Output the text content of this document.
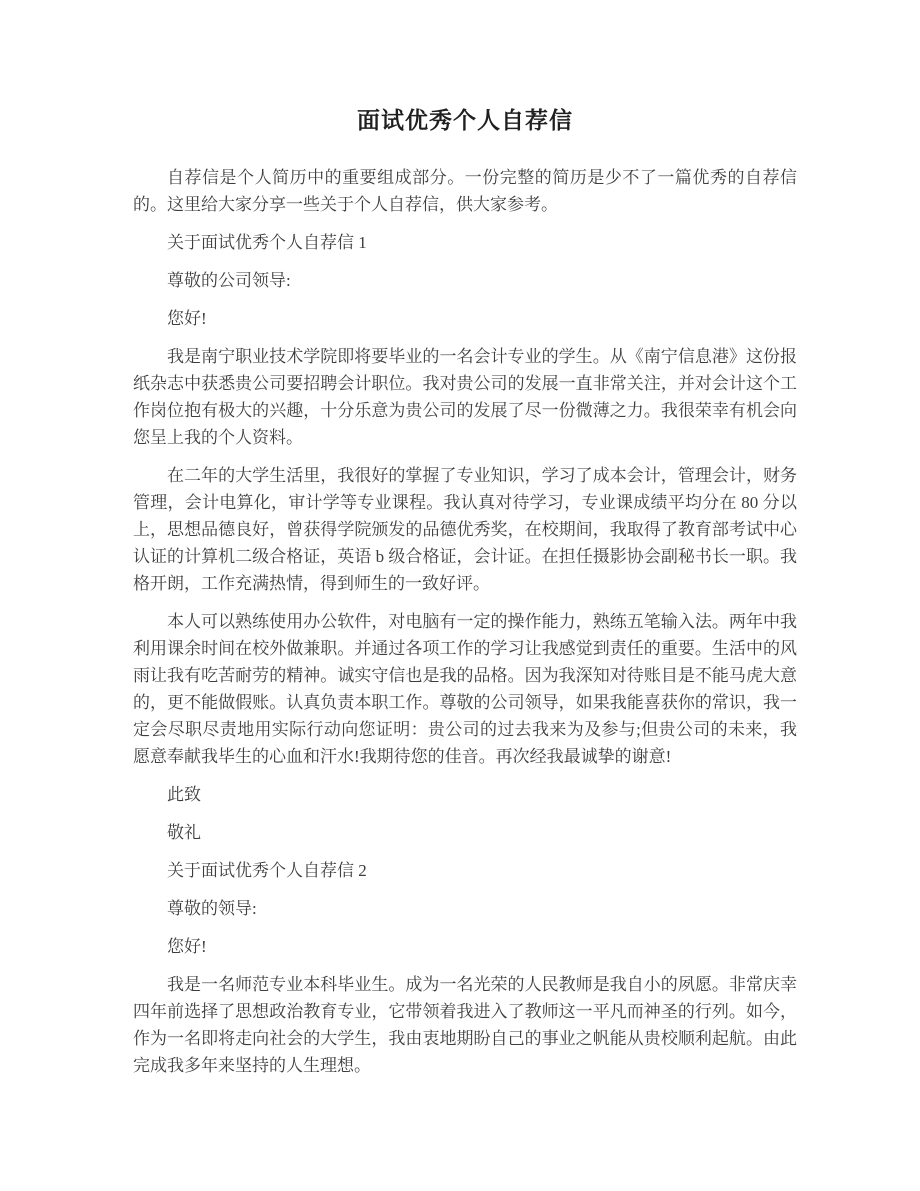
面试优秀个人自荐信

自荐信是个人简历中的重要组成部分。一份完整的简历是少不了一篇优秀的自荐信的。这里给大家分享一些关于个人自荐信，供大家参考。

关于面试优秀个人自荐信 1

尊敬的公司领导:

您好!

我是南宁职业技术学院即将要毕业的一名会计专业的学生。从《南宁信息港》这份报纸杂志中获悉贵公司要招聘会计职位。我对贵公司的发展一直非常关注，并对会计这个工作岗位抱有极大的兴趣，十分乐意为贵公司的发展了尽一份微薄之力。我很荣幸有机会向您呈上我的个人资料。

在二年的大学生活里，我很好的掌握了专业知识，学习了成本会计，管理会计，财务管理，会计电算化，审计学等专业课程。我认真对待学习，专业课成绩平均分在 80 分以上，思想品德良好，曾获得学院颁发的品德优秀奖，在校期间，我取得了教育部考试中心认证的计算机二级合格证，英语 b 级合格证，会计证。在担任摄影协会副秘书长一职。我格开朗，工作充满热情，得到师生的一致好评。

本人可以熟练使用办公软件，对电脑有一定的操作能力，熟练五笔输入法。两年中我利用课余时间在校外做兼职。并通过各项工作的学习让我感觉到责任的重要。生活中的风雨让我有吃苦耐劳的精神。诚实守信也是我的品格。因为我深知对待账目是不能马虎大意的，更不能做假账。认真负责本职工作。尊敬的公司领导，如果我能喜获你的常识，我一定会尽职尽责地用实际行动向您证明：贵公司的过去我来为及参与;但贵公司的未来，我愿意奉献我毕生的心血和汗水!我期待您的佳音。再次经我最诚挚的谢意!

此致

敬礼

关于面试优秀个人自荐信 2

尊敬的领导:

您好!

我是一名师范专业本科毕业生。成为一名光荣的人民教师是我自小的夙愿。非常庆幸四年前选择了思想政治教育专业，它带领着我进入了教师这一平凡而神圣的行列。如今，作为一名即将走向社会的大学生，我由衷地期盼自己的事业之帆能从贵校顺利起航。由此完成我多年来坚持的人生理想。
